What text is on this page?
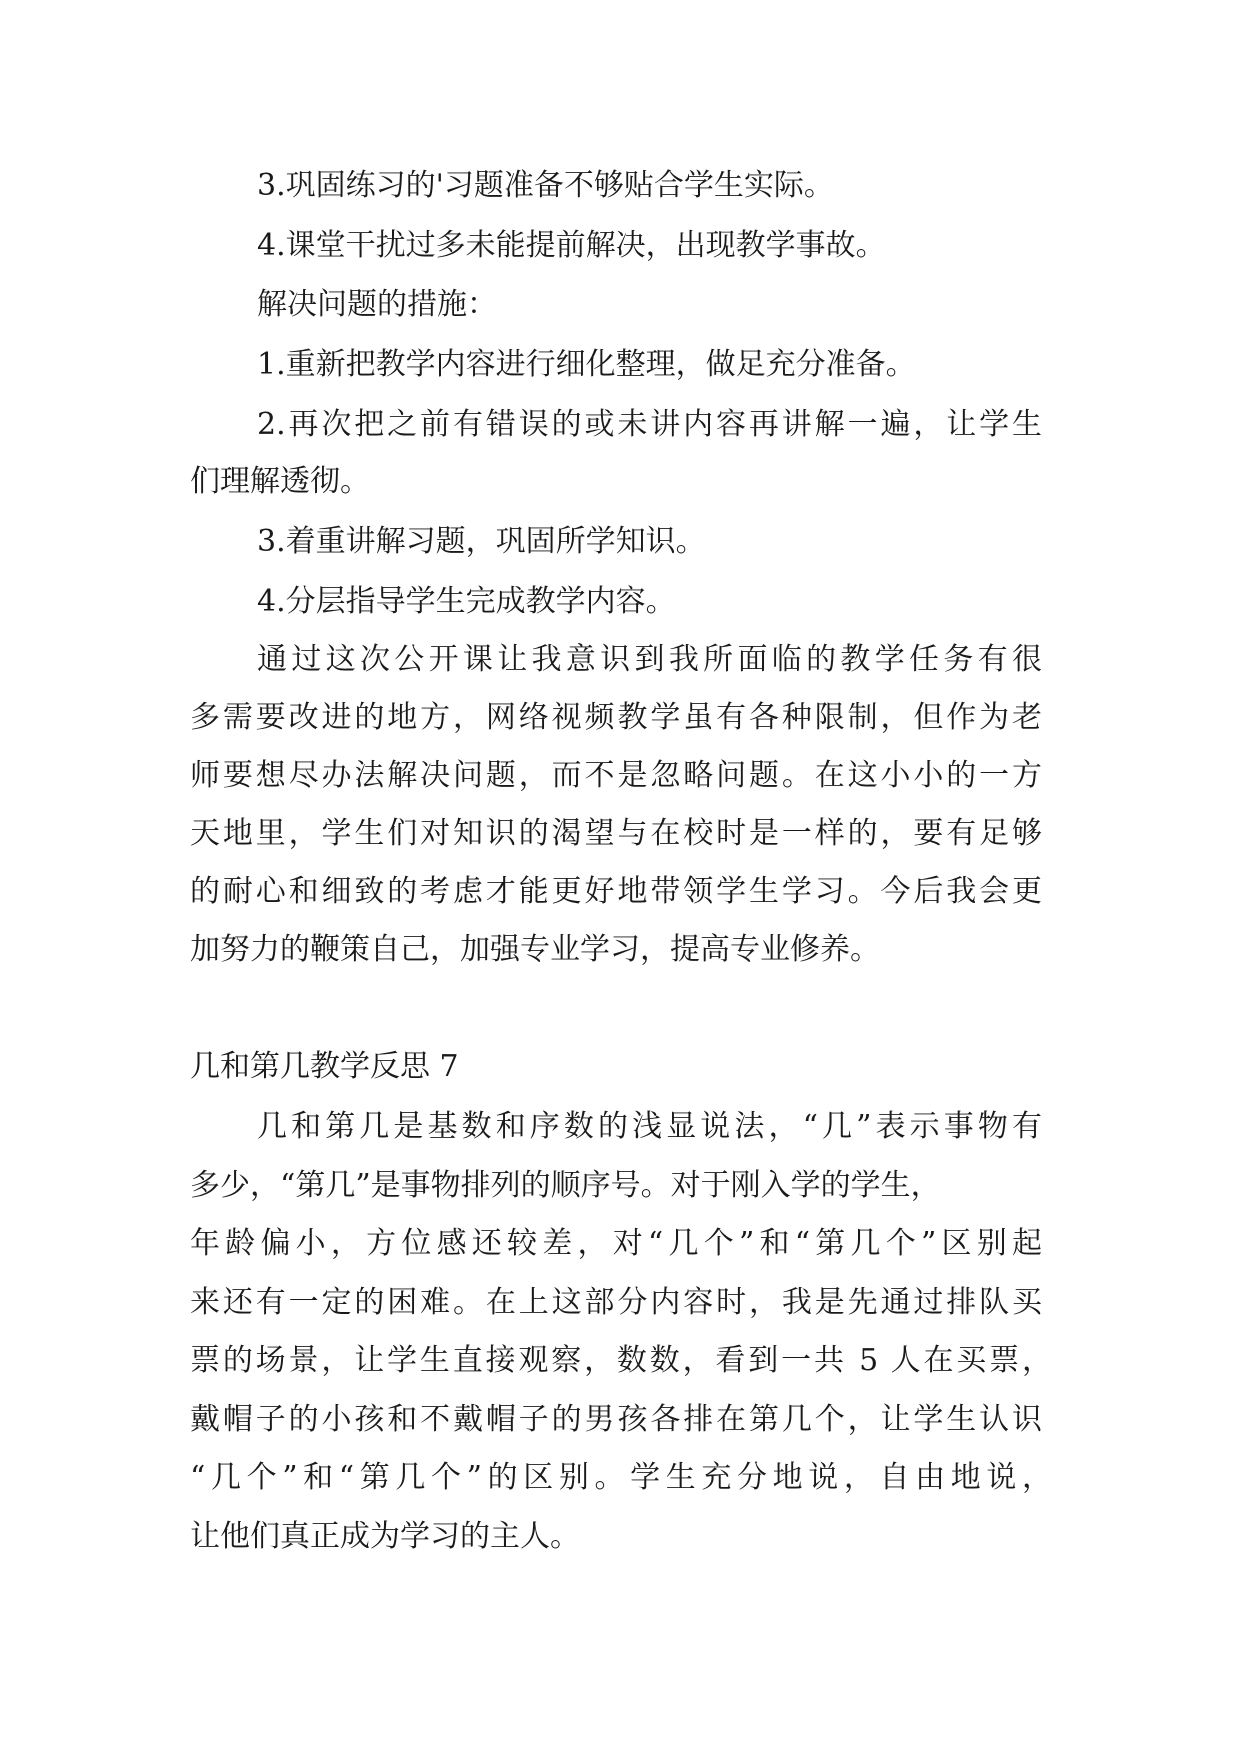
3.巩固练习的'习题准备不够贴合学生实际。

4.课堂干扰过多未能提前解决，出现教学事故。

解决问题的措施：

1.重新把教学内容进行细化整理，做足充分准备。

2.再次把之前有错误的或未讲内容再讲解一遍，让学生

们理解透彻。

3.着重讲解习题，巩固所学知识。

4.分层指导学生完成教学内容。

通过这次公开课让我意识到我所面临的教学任务有很

多需要改进的地方，网络视频教学虽有各种限制，但作为老

师要想尽办法解决问题，而不是忽略问题。在这小小的一方

天地里，学生们对知识的渴望与在校时是一样的，要有足够

的耐心和细致的考虑才能更好地带领学生学习。今后我会更

加努力的鞭策自己，加强专业学习，提高专业修养。

几和第几教学反思 7

几和第几是基数和序数的浅显说法，“几”表示事物有

多少，“第几”是事物排列的顺序号。对于刚入学的学生，

年龄偏小，方位感还较差，对“几个”和“第几个”区别起

来还有一定的困难。在上这部分内容时，我是先通过排队买

票的场景，让学生直接观察，数数，看到一共 5 人在买票，

戴帽子的小孩和不戴帽子的男孩各排在第几个，让学生认识

“几个”和“第几个”的区别。学生充分地说，自由地说，

让他们真正成为学习的主人。
